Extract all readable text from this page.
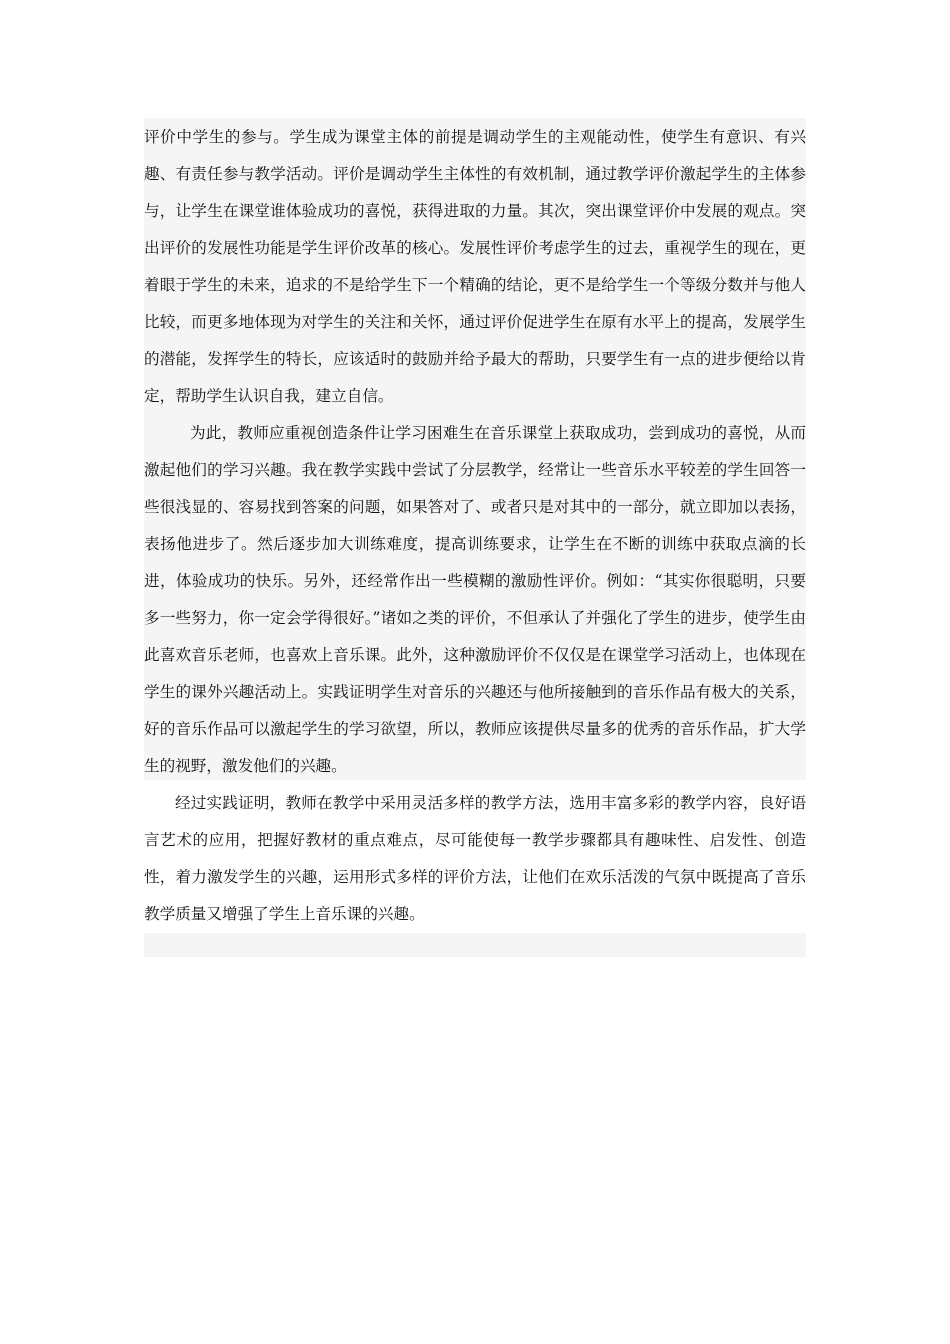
评价中学生的参与。学生成为课堂主体的前提是调动学生的主观能动性，使学生有意识、有兴趣、有责任参与教学活动。评价是调动学生主体性的有效机制，通过教学评价激起学生的主体参与，让学生在课堂谁体验成功的喜悦，获得进取的力量。其次，突出课堂评价中发展的观点。突出评价的发展性功能是学生评价改革的核心。发展性评价考虑学生的过去，重视学生的现在，更着眼于学生的未来，追求的不是给学生下一个精确的结论，更不是给学生一个等级分数并与他人比较，而更多地体现为对学生的关注和关怀，通过评价促进学生在原有水平上的提高，发展学生的潜能，发挥学生的特长，应该适时的鼓励并给予最大的帮助，只要学生有一点的进步便给以肯定，帮助学生认识自我，建立自信。

为此，教师应重视创造条件让学习困难生在音乐课堂上获取成功，尝到成功的喜悦，从而激起他们的学习兴趣。我在教学实践中尝试了分层教学，经常让一些音乐水平较差的学生回答一些很浅显的、容易找到答案的问题，如果答对了、或者只是对其中的一部分，就立即加以表扬，表扬他进步了。然后逐步加大训练难度，提高训练要求，让学生在不断的训练中获取点滴的长进，体验成功的快乐。另外，还经常作出一些模糊的激励性评价。例如：“其实你很聪明，只要多一些努力，你一定会学得很好。”诸如之类的评价，不但承认了并强化了学生的进步，使学生由此喜欢音乐老师，也喜欢上音乐课。此外，这种激励评价不仅仅是在课堂学习活动上，也体现在学生的课外兴趣活动上。实践证明学生对音乐的兴趣还与他所接触到的音乐作品有极大的关系，好的音乐作品可以激起学生的学习欲望，所以，教师应该提供尽量多的优秀的音乐作品，扩大学生的视野，激发他们的兴趣。

经过实践证明，教师在教学中采用灵活多样的教学方法，选用丰富多彩的教学内容，良好语言艺术的应用，把握好教材的重点难点，尽可能使每一教学步骤都具有趣味性、启发性、创造性，着力激发学生的兴趣，运用形式多样的评价方法，让他们在欢乐活泼的气氛中既提高了音乐教学质量又增强了学生上音乐课的兴趣。
